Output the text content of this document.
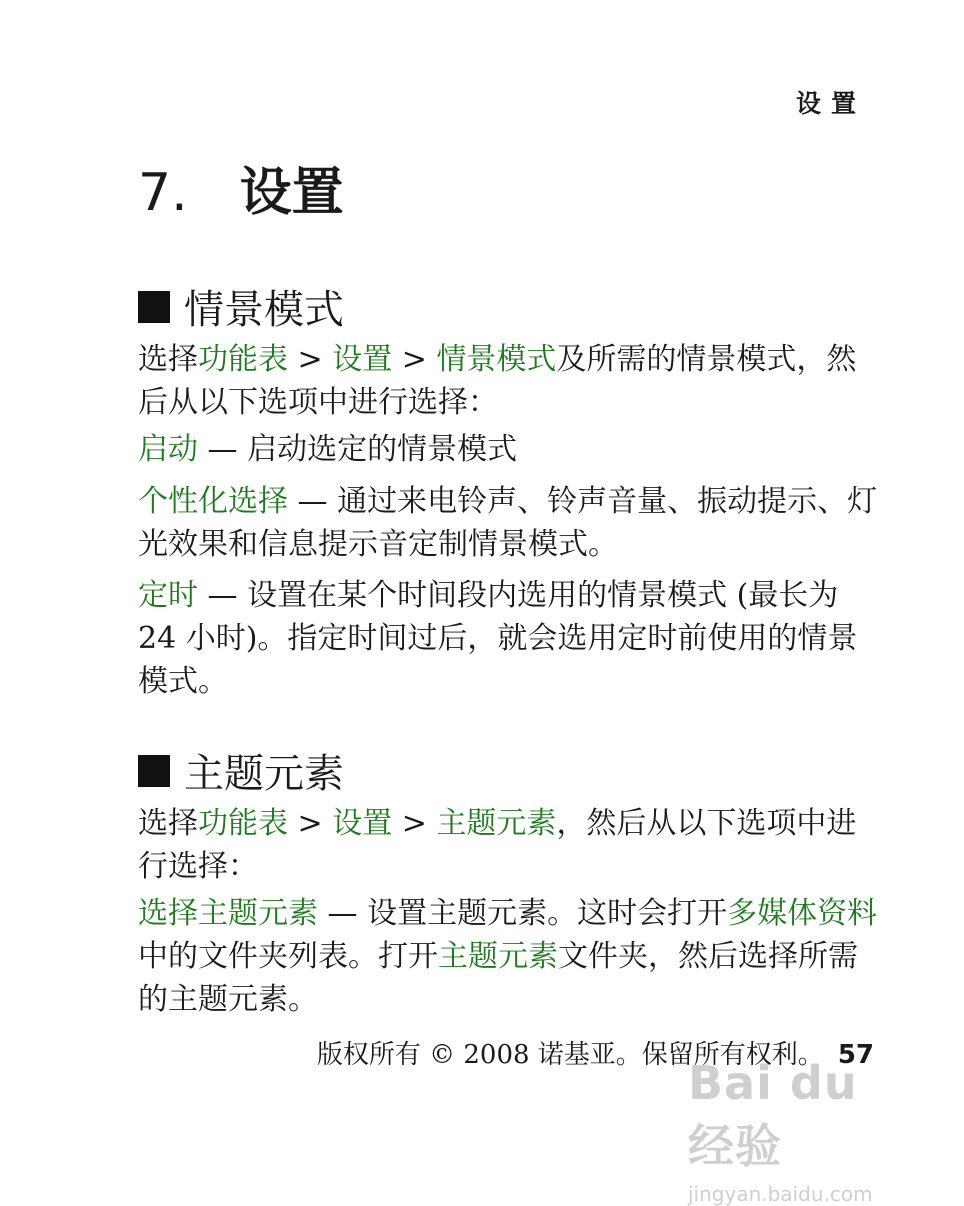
设置
7. 设置
情景模式
选择功能表 > 设置 > 情景模式及所需的情景模式，然后从以下选项中进行选择：
启动 — 启动选定的情景模式
个性化选择 — 通过来电铃声、铃声音量、振动提示、灯光效果和信息提示音定制情景模式。
定时 — 设置在某个时间段内选用的情景模式 (最长为 24 小时)。指定时间过后，就会选用定时前使用的情景模式。
主题元素
选择功能表 > 设置 > 主题元素，然后从以下选项中进行选择：
选择主题元素 — 设置主题元素。这时会打开多媒体资料中的文件夹列表。打开主题元素文件夹，然后选择所需的主题元素。
版权所有 © 2008 诺基亚。保留所有权利。 57
Bai du 经验
jingyan.baidu.com
